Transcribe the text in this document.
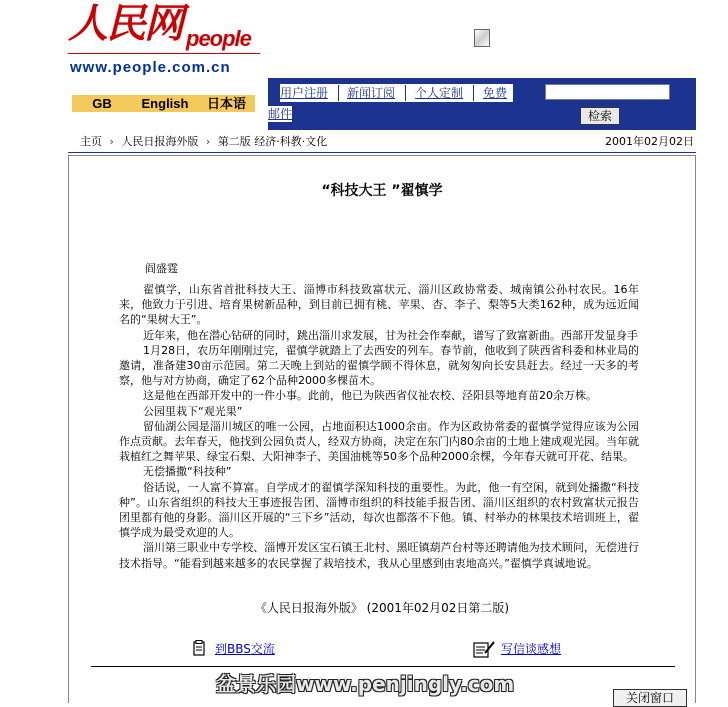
人民网 people
www.people.com.cn
GB	English	日本语
用户注册 新闻订阅 个人定制 免费
邮件	检索
主页 › 人民日报海外版 › 第二版 经济·科教·文化	2001年02月02日
“科技大王 ”翟慎学
阎盛霆

翟慎学，山东省首批科技大王、淄博市科技致富状元、淄川区政协常委、城南镇公孙村农民。16年来，他致力于引进、培育果树新品种，到目前已拥有桃、苹果、杏、李子、梨等5大类162种，成为远近闻名的“果树大王”。

近年来，他在潜心钻研的同时，跳出淄川求发展，甘为社会作奉献，谱写了致富新曲。西部开发显身手

1月28日，农历年刚刚过完，翟慎学就踏上了去西安的列车。春节前，他收到了陕西省科委和林业局的邀请，准备建30亩示范园。第二天晚上到站的翟慎学顾不得休息，就匆匆向长安县赶去。经过一天多的考察，他与对方协商，确定了62个品种2000多棵苗木。

这是他在西部开发中的一件小事。此前，他已为陕西省仪祉农校、泾阳县等地育苗20余万株。

公园里栽下“观光果”

留仙湖公园是淄川城区的唯一公园，占地面积达1000余亩。作为区政协常委的翟慎学觉得应该为公园作点贡献。去年春天，他找到公园负责人，经双方协商，决定在东门内80余亩的土地上建成观光园。当年就栽植红之舞苹果、绿宝石梨、大阳神李子、美国油桃等50多个品种2000余棵，今年春天就可开花、结果。

无偿播撒“科技种”

俗话说，一人富不算富。自学成才的翟慎学深知科技的重要性。为此，他一有空闲，就到处播撒“科技种”。山东省组织的科技大王事迹报告团、淄博市组织的科技能手报告团、淄川区组织的农村致富状元报告团里都有他的身影。淄川区开展的“三下乡”活动，每次也都落不下他。镇、村举办的林果技术培训班上，翟慎学成为最受欢迎的人。

淄川第三职业中专学校、淄博开发区宝石镇王北村、黑旺镇葫芦台村等还聘请他为技术顾问，无偿进行技术指导。“能看到越来越多的农民掌握了栽培技术，我从心里感到由衷地高兴。”翟慎学真诚地说。

《人民日报海外版》 (2001年02月02日第二版)
到BBS交流	写信谈感想
盆景乐园www.penjingly.com
关闭窗口
